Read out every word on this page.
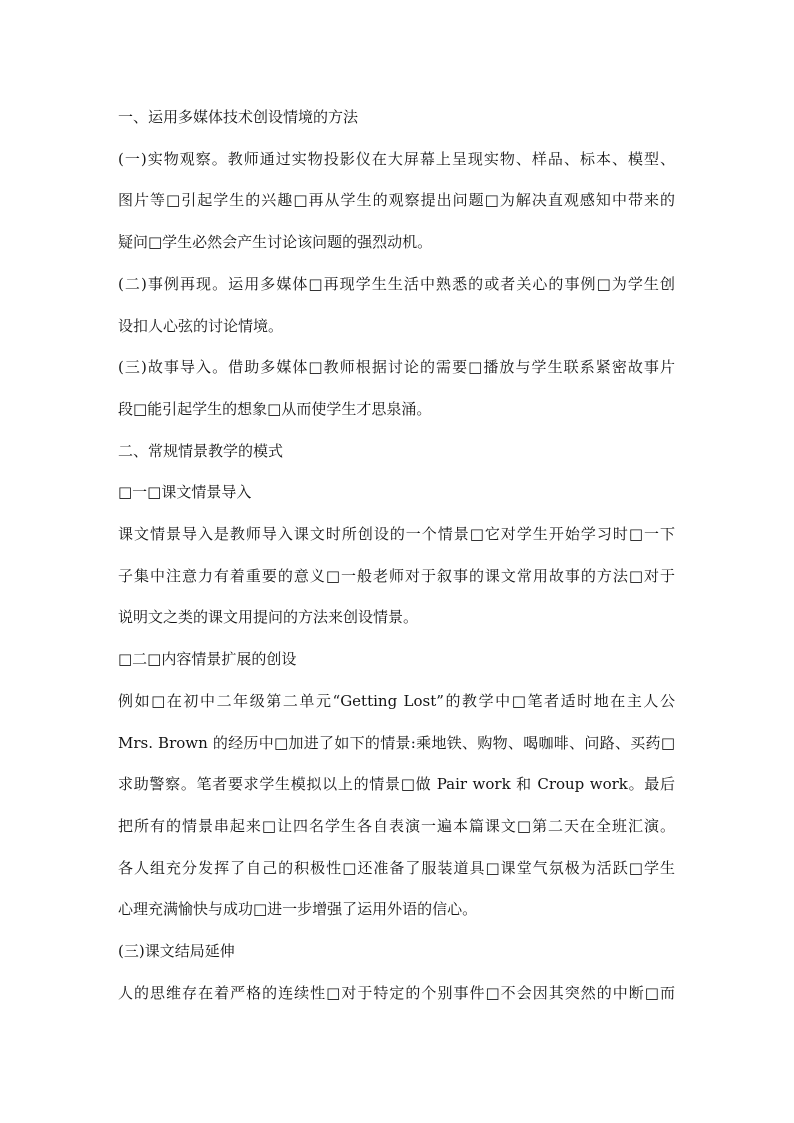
一、运用多媒体技术创设情境的方法
(一)实物观察。教师通过实物投影仪在大屏幕上呈现实物、样品、标本、模型、
图片等□引起学生的兴趣□再从学生的观察提出问题□为解决直观感知中带来的
疑问□学生必然会产生讨论该问题的强烈动机。
(二)事例再现。运用多媒体□再现学生生活中熟悉的或者关心的事例□为学生创
设扣人心弦的讨论情境。
(三)故事导入。借助多媒体□教师根据讨论的需要□播放与学生联系紧密故事片
段□能引起学生的想象□从而使学生才思泉涌。
二、常规情景教学的模式
□一□课文情景导入
课文情景导入是教师导入课文时所创设的一个情景□它对学生开始学习时□一下
子集中注意力有着重要的意义□一般老师对于叙事的课文常用故事的方法□对于
说明文之类的课文用提问的方法来创设情景。
□二□内容情景扩展的创设
例如□在初中二年级第二单元“Getting Lost”的教学中□笔者适时地在主人公
Mrs. Brown 的经历中□加进了如下的情景:乘地铁、购物、喝咖啡、问路、买药□
求助警察。笔者要求学生模拟以上的情景□做 Pair work 和 Croup work。最后
把所有的情景串起来□让四名学生各自表演一遍本篇课文□第二天在全班汇演。
各人组充分发挥了自己的积极性□还准备了服装道具□课堂气氛极为活跃□学生
心理充满愉快与成功□进一步增强了运用外语的信心。
(三)课文结局延伸
人的思维存在着严格的连续性□对于特定的个别事件□不会因其突然的中断□而
